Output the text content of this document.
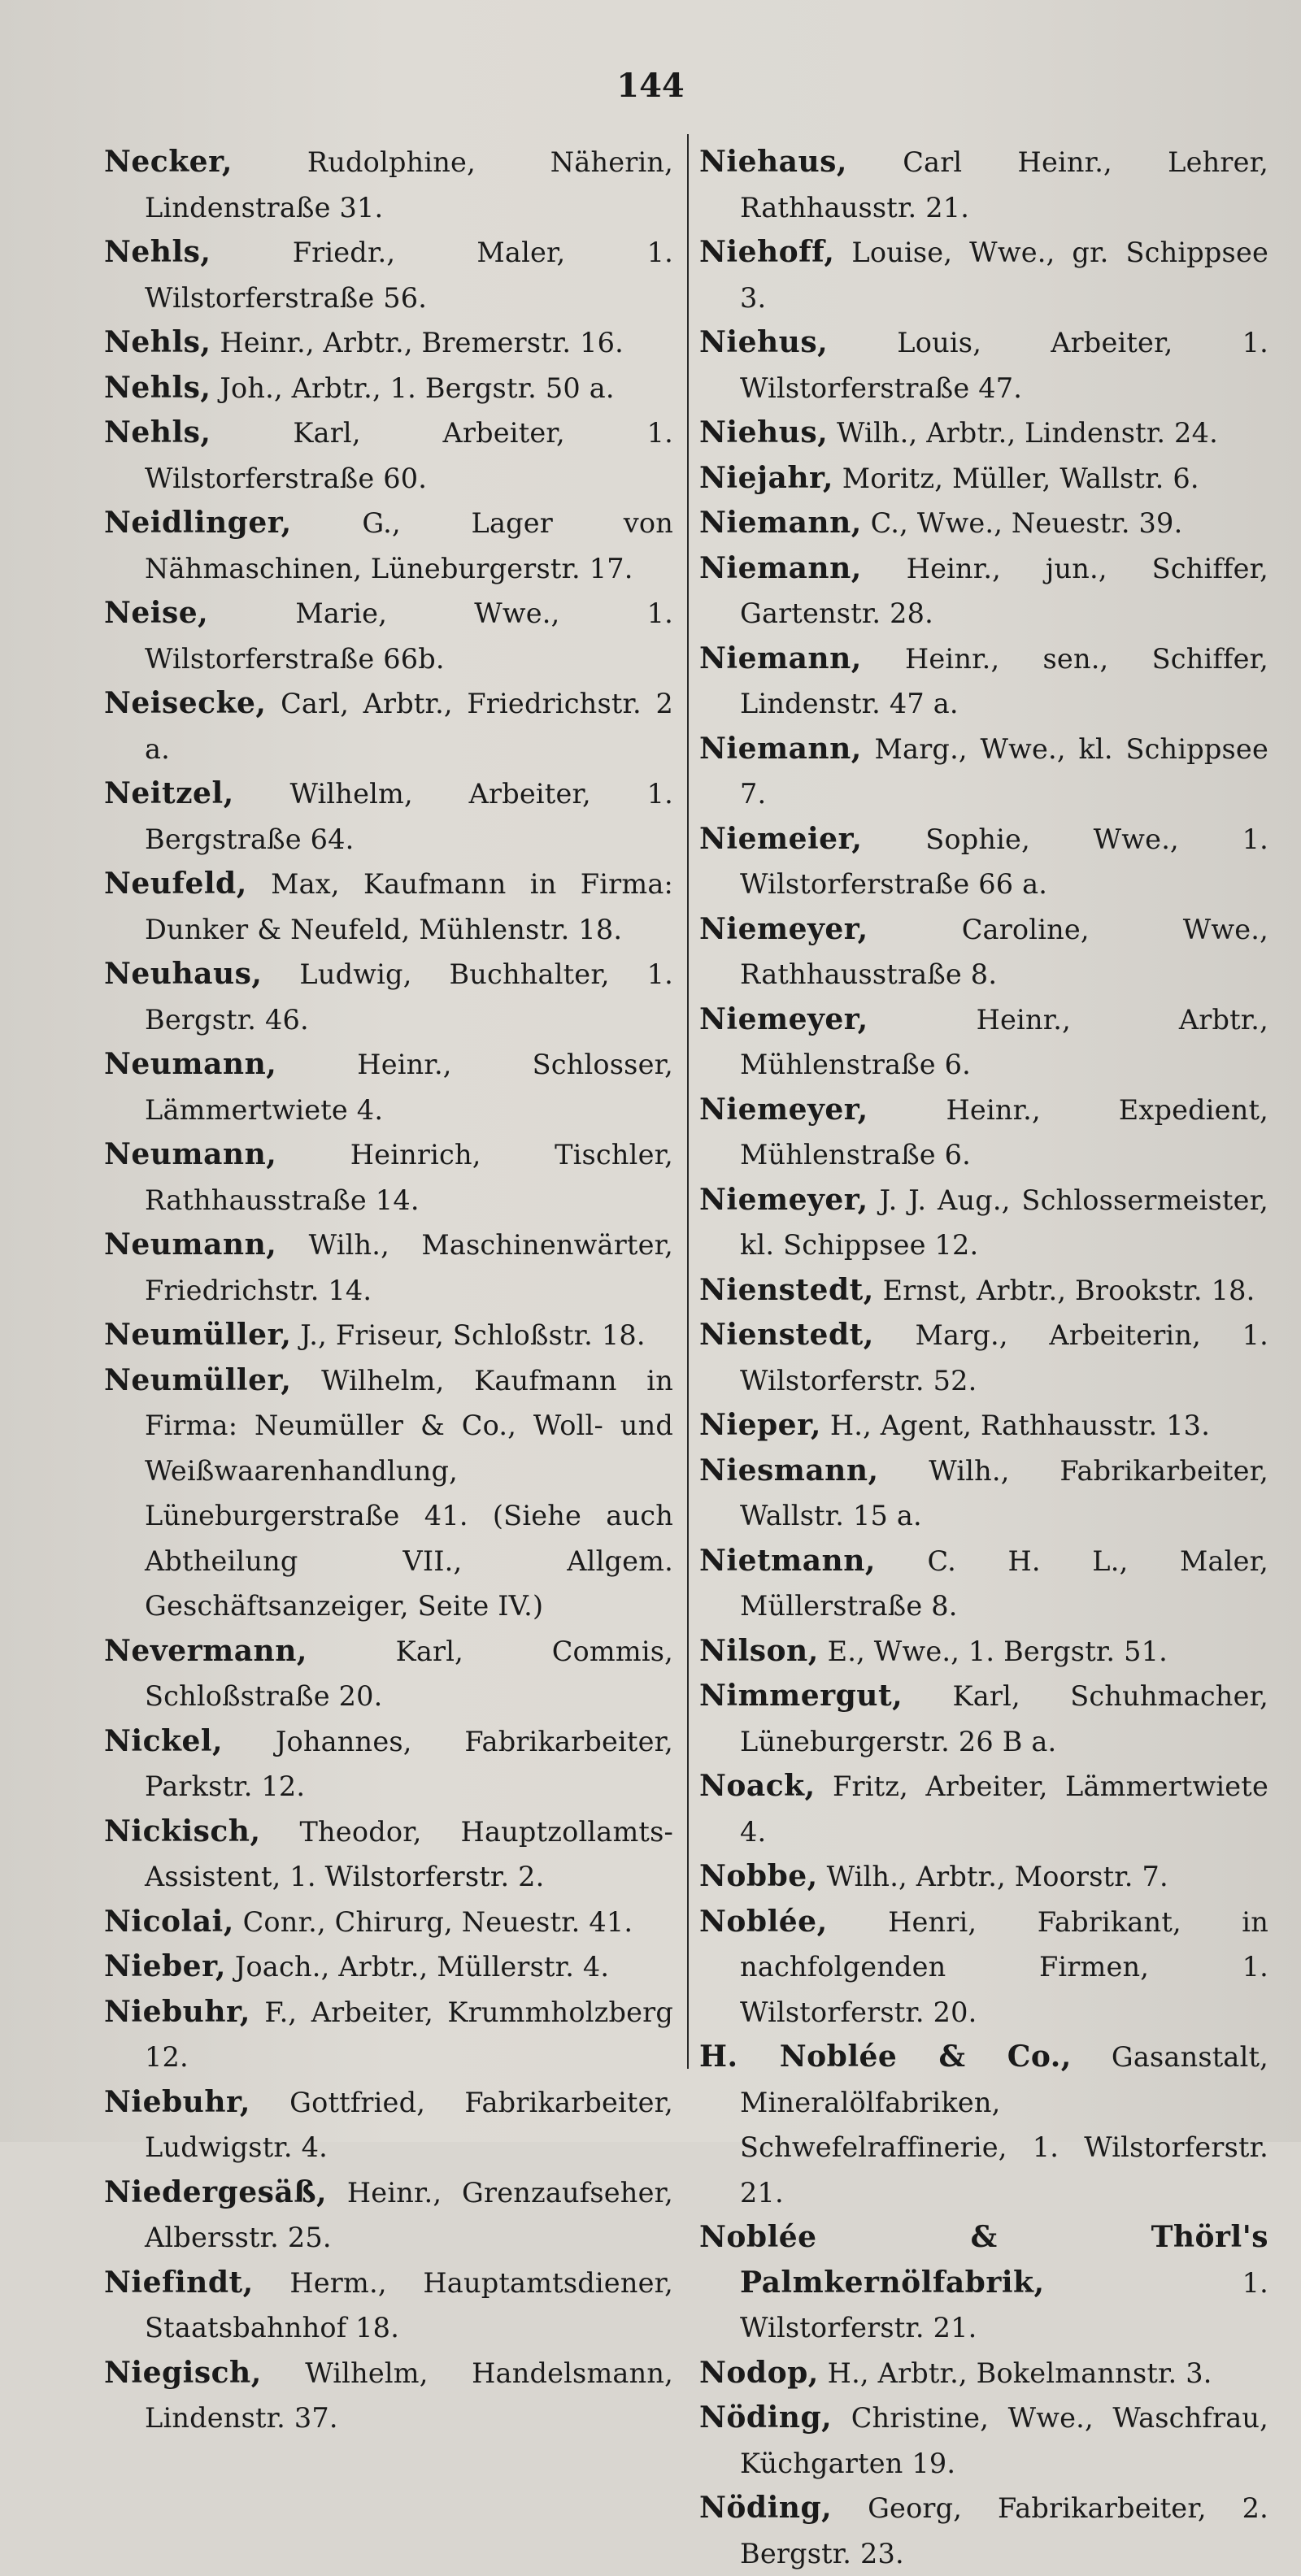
144
Necker,	Rudolphine, Näherin, Lindenstraße 31.
Nehls,	Friedr., Maler, 1. Wilstorferstraße 56.
Nehls, Heinr., Arbtr., Bremerstr. 16.
Nehls, Joh., Arbtr., 1. Bergstr. 50 a.
Nehls,	Karl, Arbeiter, 1. Wilstorferstraße 60.
Neidlinger,	G., Lager von Nähmaschinen, Lüneburgerstr. 17.
Neise,	Marie, Wwe., 1. Wilstorferstraße 66b.
Neisecke, Carl, Arbtr., Friedrichstr. 2 a.
Neitzel, Wilhelm, Arbeiter, 1. Bergstraße 64.
Neufeld, Max, Kaufmann in Firma: Dunker & Neufeld, Mühlenstr. 18.
Neuhaus, Ludwig, Buchhalter, 1. Bergstr. 46.
Neumann,	Heinr., Schlosser, Lämmertwiete 4.
Neumann,	Heinrich, Tischler, Rathhausstraße 14.
Neumann, Wilh., Maschinenwärter, Friedrichstr. 14.
Neumüller, J., Friseur, Schloßstr. 18.
Neumüller, Wilhelm, Kaufmann in Firma: Neumüller & Co., Woll- und Weißwaarenhandlung, Lüneburgerstraße 41. (Siehe auch Abtheilung VII., Allgem. Geschäftsanzeiger, Seite IV.)
Nevermann,	Karl, Commis, Schloßstraße 20.
Nickel, Johannes, Fabrikarbeiter, Parkstr. 12.
Nickisch, Theodor, Hauptzollamts-Assistent, 1. Wilstorferstr. 2.
Nicolai, Conr., Chirurg, Neuestr. 41.
Nieber, Joach., Arbtr., Müllerstr. 4.
Niebuhr, F., Arbeiter, Krummholzberg 12.
Niebuhr, Gottfried, Fabrikarbeiter, Ludwigstr. 4.
Niedergesäß, Heinr., Grenzaufseher, Albersstr. 25.
Niefindt, Herm., Hauptamtsdiener, Staatsbahnhof 18.
Niegisch, Wilhelm, Handelsmann, Lindenstr. 37.
Niehaus, Carl Heinr., Lehrer, Rathhausstr. 21.
Niehoff, Louise, Wwe., gr. Schippsee 3.
Niehus,	Louis, Arbeiter, 1. Wilstorferstraße 47.
Niehus, Wilh., Arbtr., Lindenstr. 24.
Niejahr, Moritz, Müller, Wallstr. 6.
Niemann, C., Wwe., Neuestr. 39.
Niemann, Heinr., jun., Schiffer, Gartenstr. 28.
Niemann, Heinr., sen., Schiffer, Lindenstr. 47 a.
Niemann, Marg., Wwe., kl. Schippsee 7.
Niemeier, Sophie, Wwe., 1. Wilstorferstraße 66 a.
Niemeyer,	Caroline, Wwe., Rathhausstraße 8.
Niemeyer,	Heinr., Arbtr., Mühlenstraße 6.
Niemeyer,	Heinr., Expedient, Mühlenstraße 6.
Niemeyer, J. J. Aug., Schlossermeister, kl. Schippsee 12.
Nienstedt, Ernst, Arbtr., Brookstr. 18.
Nienstedt, Marg., Arbeiterin, 1. Wilstorferstr. 52.
Nieper, H., Agent, Rathhausstr. 13.
Niesmann, Wilh., Fabrikarbeiter, Wallstr. 15 a.
Nietmann, C. H. L., Maler, Müllerstraße 8.
Nilson, E., Wwe., 1. Bergstr. 51.
Nimmergut, Karl, Schuhmacher, Lüneburgerstr. 26 B a.
Noack, Fritz, Arbeiter, Lämmertwiete 4.
Nobbe, Wilh., Arbtr., Moorstr. 7.
Noblée, Henri, Fabrikant, in nachfolgenden Firmen, 1. Wilstorferstr. 20.
H. Noblée & Co., Gasanstalt, Mineralölfabriken, Schwefelraffinerie, 1. Wilstorferstr. 21.
Noblée & Thörl's Palmkernölfabrik,	1. Wilstorferstr. 21.
Nodop, H., Arbtr., Bokelmannstr. 3.
Nöding, Christine, Wwe., Waschfrau, Küchgarten 19.
Nöding, Georg, Fabrikarbeiter, 2. Bergstr. 23.
